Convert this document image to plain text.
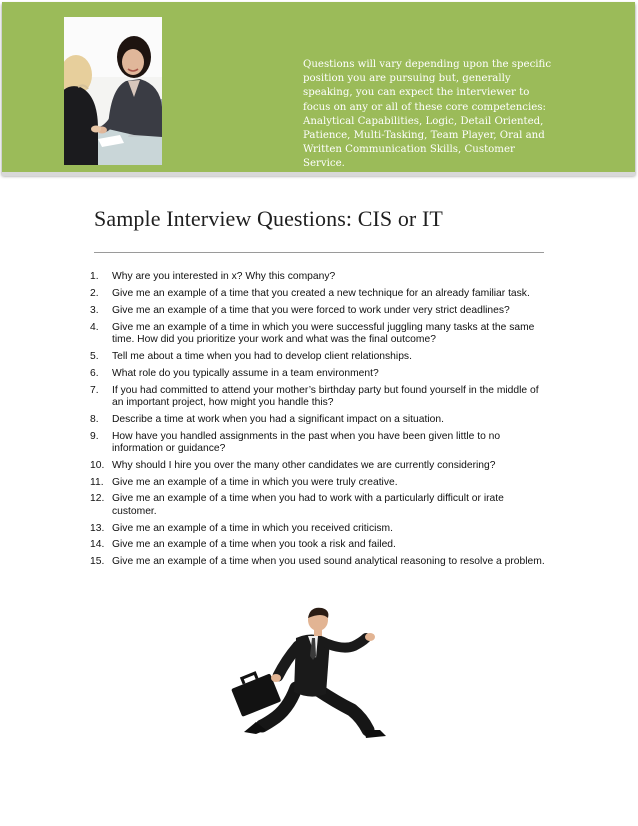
Questions will vary depending upon the specific position you are pursuing but, generally speaking, you can expect the interviewer to focus on any or all of these core competencies: Analytical Capabilities, Logic, Detail Oriented, Patience, Multi-Tasking, Team Player, Oral and Written Communication Skills, Customer Service.
Sample Interview Questions: CIS or IT
1.	Why are you interested in x? Why this company?
2.	Give me an example of a time that you created a new technique for an already familiar task.
3.	Give me an example of a time that you were forced to work under very strict deadlines?
4.	Give me an example of a time in which you were successful juggling many tasks at the same time. How did you prioritize your work and what was the final outcome?
5.	Tell me about a time when you had to develop client relationships.
6.	What role do you typically assume in a team environment?
7.	If you had committed to attend your mother’s birthday party but found yourself in the middle of an important project, how might you handle this?
8.	Describe a time at work when you had a significant impact on a situation.
9.	How have you handled assignments in the past when you have been given little to no information or guidance?
10. Why should I hire you over the many other candidates we are currently considering?
11. Give me an example of a time in which you were truly creative.
12. Give me an example of a time when you had to work with a particularly difficult or irate customer.
13. Give me an example of a time in which you received criticism.
14. Give me an example of a time when you took a risk and failed.
15. Give me an example of a time when you used sound analytical reasoning to resolve a problem.
